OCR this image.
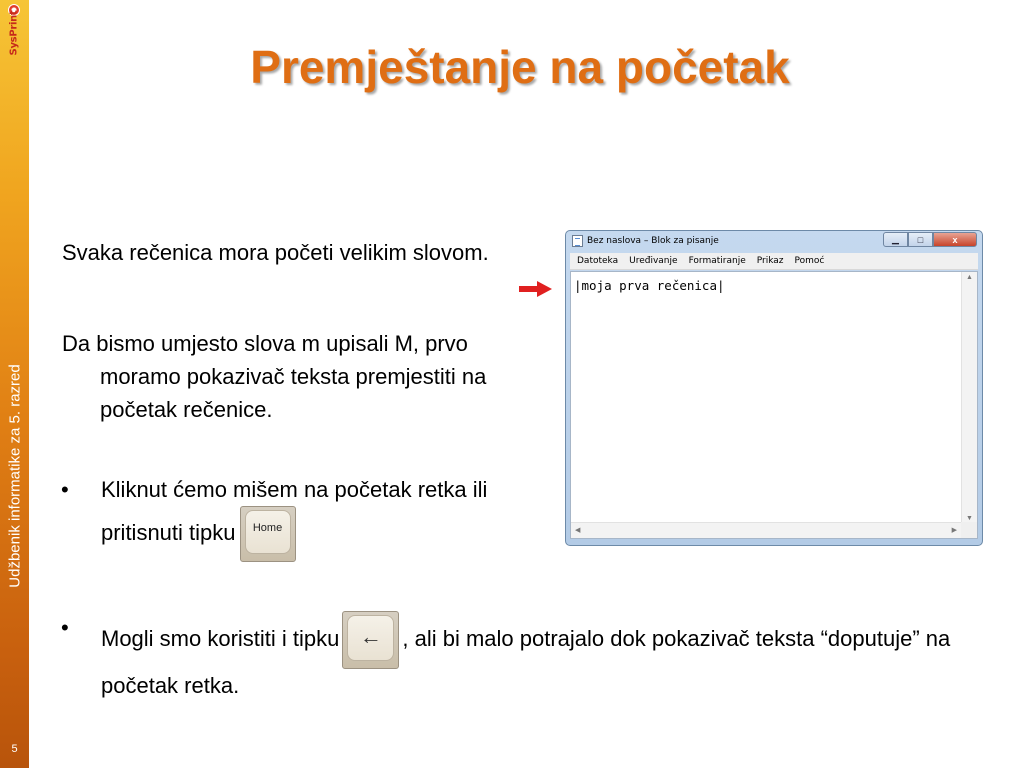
SysPrint
Udžbenik informatike za 5. razred
5
Premještanje na početak

Svaka rečenica mora početi velikim slovom.

Da bismo umjesto slova m upisali M, prvo moramo pokazivač teksta premjestiti na početak rečenice.

• Kliknut ćemo mišem na početak retka ili pritisnuti tipku Home
• Mogli smo koristiti i tipku ← , ali bi malo potrajalo dok pokazivač teksta “doputuje” na početak retka.
Bez naslova – Blok za pisanje	▁	□	x
Datoteka Uređivanje Formatiranje Prikaz Pomoć
|moja prva rečenica|
▲
▼
◀	▶
